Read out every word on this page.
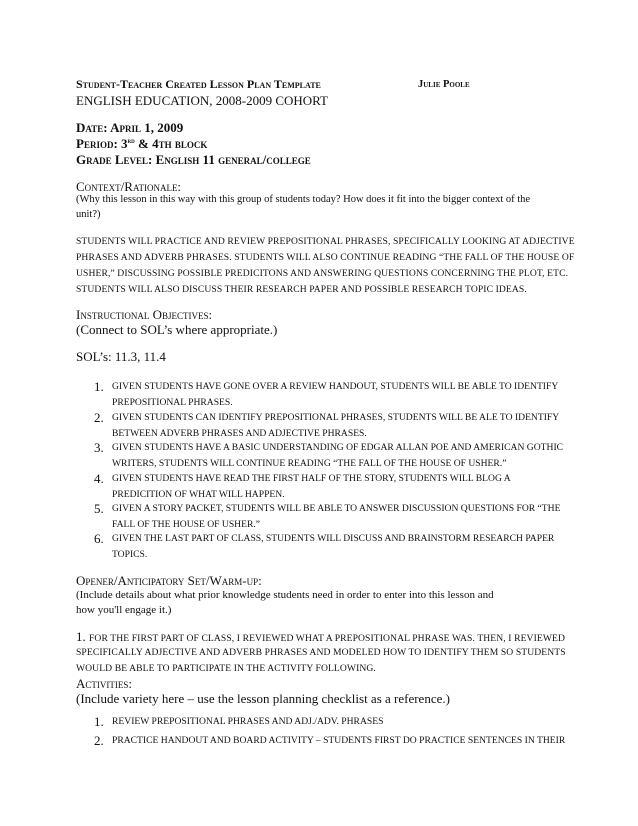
Student-Teacher Created Lesson Plan Template	Julie Poole
ENGLISH EDUCATION, 2008-2009 COHORT
Date: April 1, 2009
Period: 3rd & 4th block
Grade Level: English 11 general/college
Context/Rationale:
(Why this lesson in this way with this group of students today? How does it fit into the bigger context of the
unit?)
STUDENTS WILL PRACTICE AND REVIEW PREPOSITIONAL PHRASES, SPECIFICALLY LOOKING AT ADJECTIVE
PHRASES AND ADVERB PHRASES. STUDENTS WILL ALSO CONTINUE READING “THE FALL OF THE HOUSE OF
USHER,” DISCUSSING POSSIBLE PREDICITONS AND ANSWERING QUESTIONS CONCERNING THE PLOT, ETC.
STUDENTS WILL ALSO DISCUSS THEIR RESEARCH PAPER AND POSSIBLE RESEARCH TOPIC IDEAS.
Instructional Objectives:
(Connect to SOL’s where appropriate.)
SOL’s: 11.3, 11.4
1. GIVEN STUDENTS HAVE GONE OVER A REVIEW HANDOUT, STUDENTS WILL BE ABLE TO IDENTIFY
PREPOSITIONAL PHRASES.
2. GIVEN STUDENTS CAN IDENTIFY PREPOSITIONAL PHRASES, STUDENTS WILL BE ALE TO IDENTIFY
BETWEEN ADVERB PHRASES AND ADJECTIVE PHRASES.
3. GIVEN STUDENTS HAVE A BASIC UNDERSTANDING OF EDGAR ALLAN POE AND AMERICAN GOTHIC
WRITERS, STUDENTS WILL CONTINUE READING “THE FALL OF THE HOUSE OF USHER.”
4. GIVEN STUDENTS HAVE READ THE FIRST HALF OF THE STORY, STUDENTS WILL BLOG A
PREDICITION OF WHAT WILL HAPPEN.
5. GIVEN A STORY PACKET, STUDENTS WILL BE ABLE TO ANSWER DISCUSSION QUESTIONS FOR “THE
FALL OF THE HOUSE OF USHER.”
6. GIVEN THE LAST PART OF CLASS, STUDENTS WILL DISCUSS AND BRAINSTORM RESEARCH PAPER
TOPICS.
Opener/Anticipatory Set/Warm-up:
(Include details about what prior knowledge students need in order to enter into this lesson and
how you'll engage it.)
1. FOR THE FIRST PART OF CLASS, I REVIEWED WHAT A PREPOSITIONAL PHRASE WAS. THEN, I REVIEWED
SPECIFICALLY ADJECTIVE AND ADVERB PHRASES AND MODELED HOW TO IDENTIFY THEM SO STUDENTS
WOULD BE ABLE TO PARTICIPATE IN THE ACTIVITY FOLLOWING.
Activities:
(Include variety here – use the lesson planning checklist as a reference.)
1. REVIEW PREPOSITIONAL PHRASES AND ADJ./ADV. PHRASES
2. PRACTICE HANDOUT AND BOARD ACTIVITY – STUDENTS FIRST DO PRACTICE SENTENCES IN THEIR
